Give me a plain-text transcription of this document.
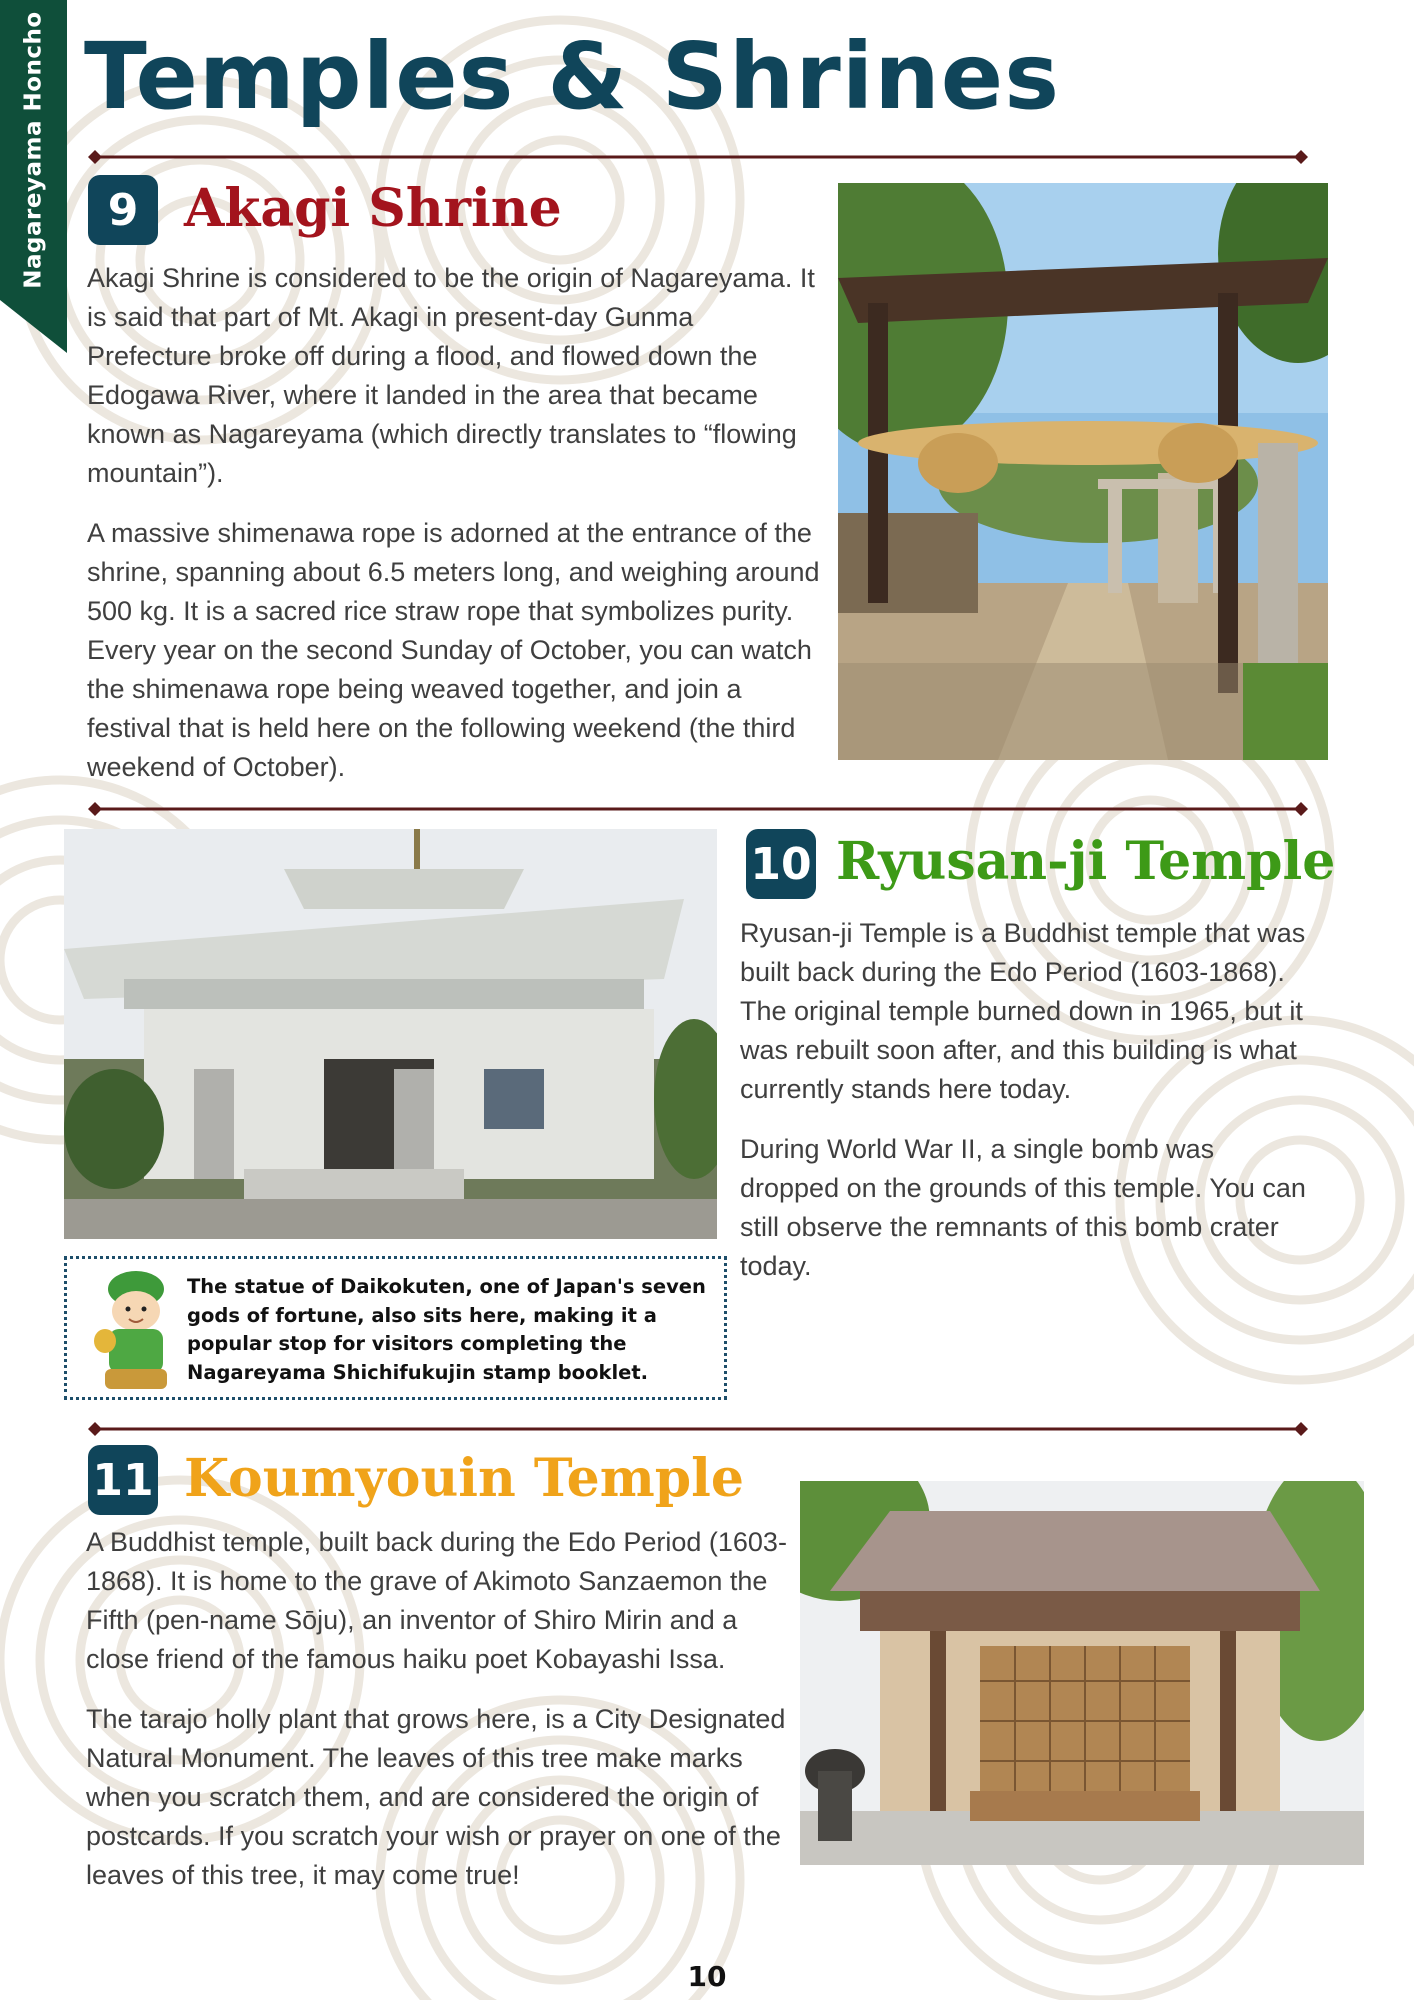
Nagareyama Honcho Temples & Shrines
9 Akagi Shrine

Akagi Shrine is considered to be the origin of Nagareyama. It is said that part of Mt. Akagi in present-day Gunma Prefecture broke off during a flood, and flowed down the Edogawa River, where it landed in the area that became known as Nagareyama (which directly translates to “flowing mountain”).

A massive shimenawa rope is adorned at the entrance of the shrine, spanning about 6.5 meters long, and weighing around 500 kg. It is a sacred rice straw rope that symbolizes purity. Every year on the second Sunday of October, you can watch the shimenawa rope being weaved together, and join a festival that is held here on the following weekend (the third weekend of October).

10 Ryusan-ji Temple

Ryusan-ji Temple is a Buddhist temple that was built back during the Edo Period (1603-1868). The original temple burned down in 1965, but it was rebuilt soon after, and this building is what currently stands here today.

During World War II, a single bomb was dropped on the grounds of this temple. You can still observe the remnants of this bomb crater today.

The statue of Daikokuten, one of Japan's seven gods of fortune, also sits here, making it a popular stop for visitors completing the Nagareyama Shichifukujin stamp booklet.
11 Koumyouin Temple

A Buddhist temple, built back during the Edo Period (1603-1868). It is home to the grave of Akimoto Sanzaemon the Fifth (pen-name Sōju), an inventor of Shiro Mirin and a close friend of the famous haiku poet Kobayashi Issa.

The tarajo holly plant that grows here, is a City Designated Natural Monument. The leaves of this tree make marks when you scratch them, and are considered the origin of postcards. If you scratch your wish or prayer on one of the leaves of this tree, it may come true!

10
